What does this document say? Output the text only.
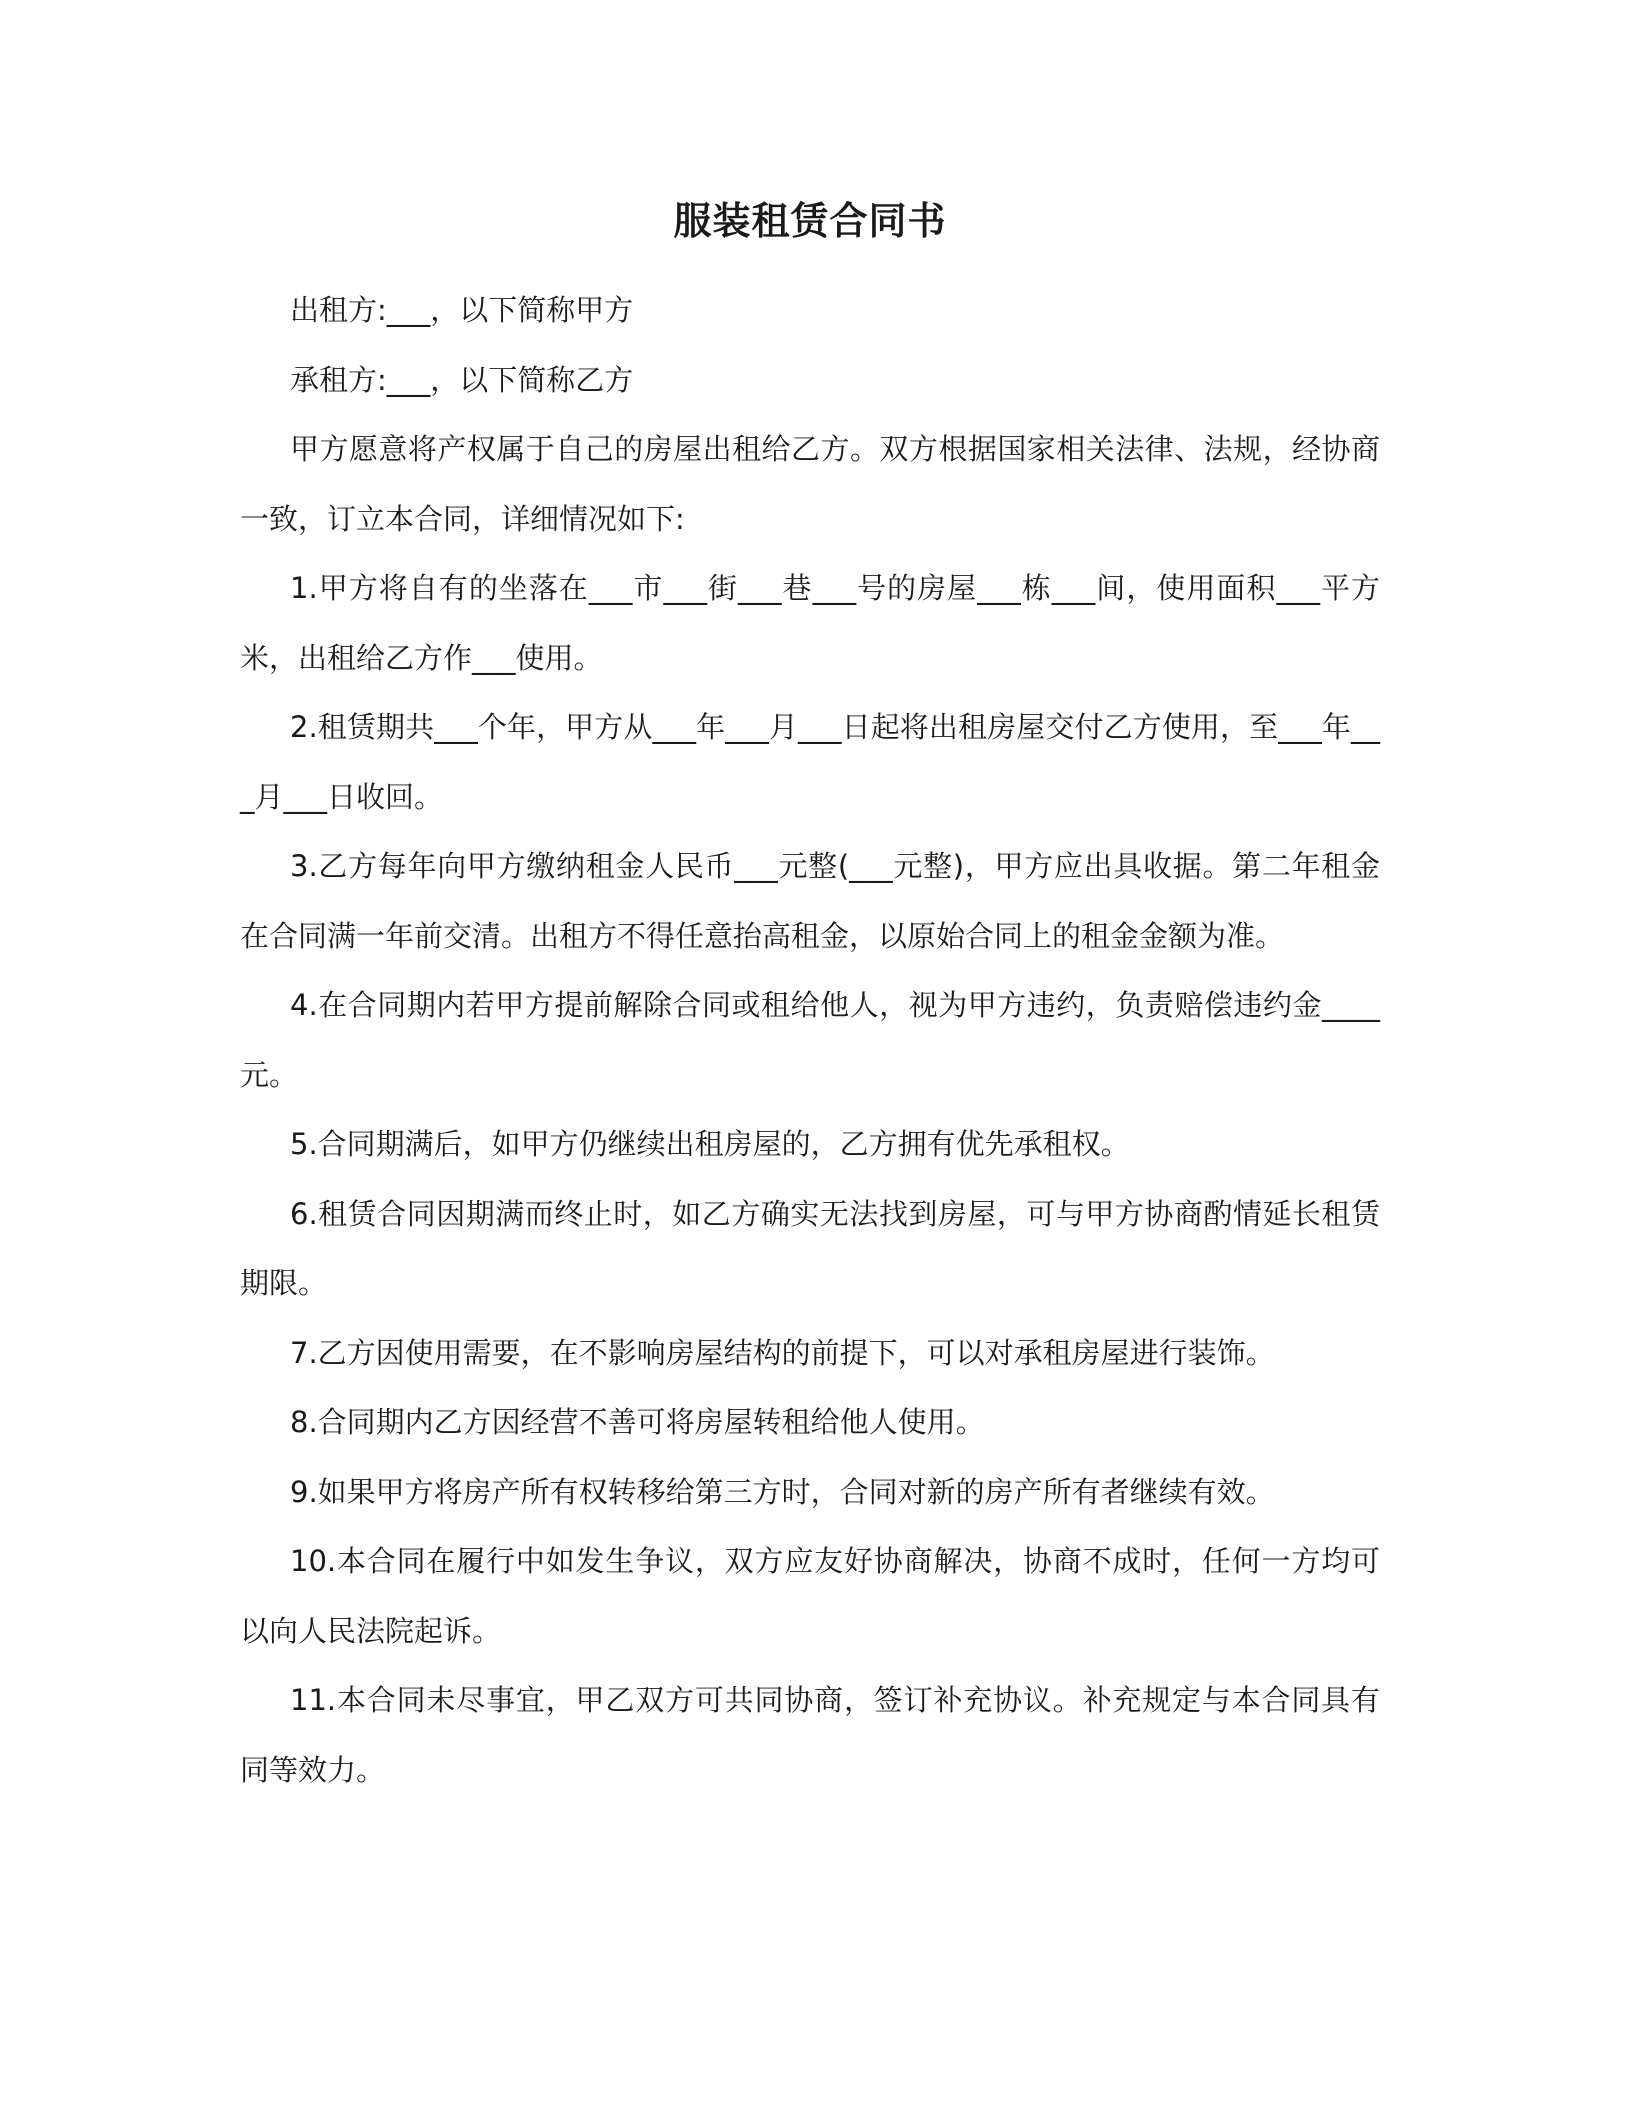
服装租赁合同书

出租方:___，以下简称甲方

承租方:___，以下简称乙方

甲方愿意将产权属于自己的房屋出租给乙方。双方根据国家相关法律、法规，经协商一致，订立本合同，详细情况如下:

1.甲方将自有的坐落在___市___街___巷___号的房屋___栋___间，使用面积___平方米，出租给乙方作___使用。

2.租赁期共___个年，甲方从___年___月___日起将出租房屋交付乙方使用，至___年___月___日收回。

3.乙方每年向甲方缴纳租金人民币___元整(___元整)，甲方应出具收据。第二年租金在合同满一年前交清。出租方不得任意抬高租金，以原始合同上的租金金额为准。

4.在合同期内若甲方提前解除合同或租给他人，视为甲方违约，负责赔偿违约金____元。

5.合同期满后，如甲方仍继续出租房屋的，乙方拥有优先承租权。

6.租赁合同因期满而终止时，如乙方确实无法找到房屋，可与甲方协商酌情延长租赁期限。

7.乙方因使用需要，在不影响房屋结构的前提下，可以对承租房屋进行装饰。

8.合同期内乙方因经营不善可将房屋转租给他人使用。

9.如果甲方将房产所有权转移给第三方时，合同对新的房产所有者继续有效。

10.本合同在履行中如发生争议，双方应友好协商解决，协商不成时，任何一方均可以向人民法院起诉。

11.本合同未尽事宜，甲乙双方可共同协商，签订补充协议。补充规定与本合同具有同等效力。
